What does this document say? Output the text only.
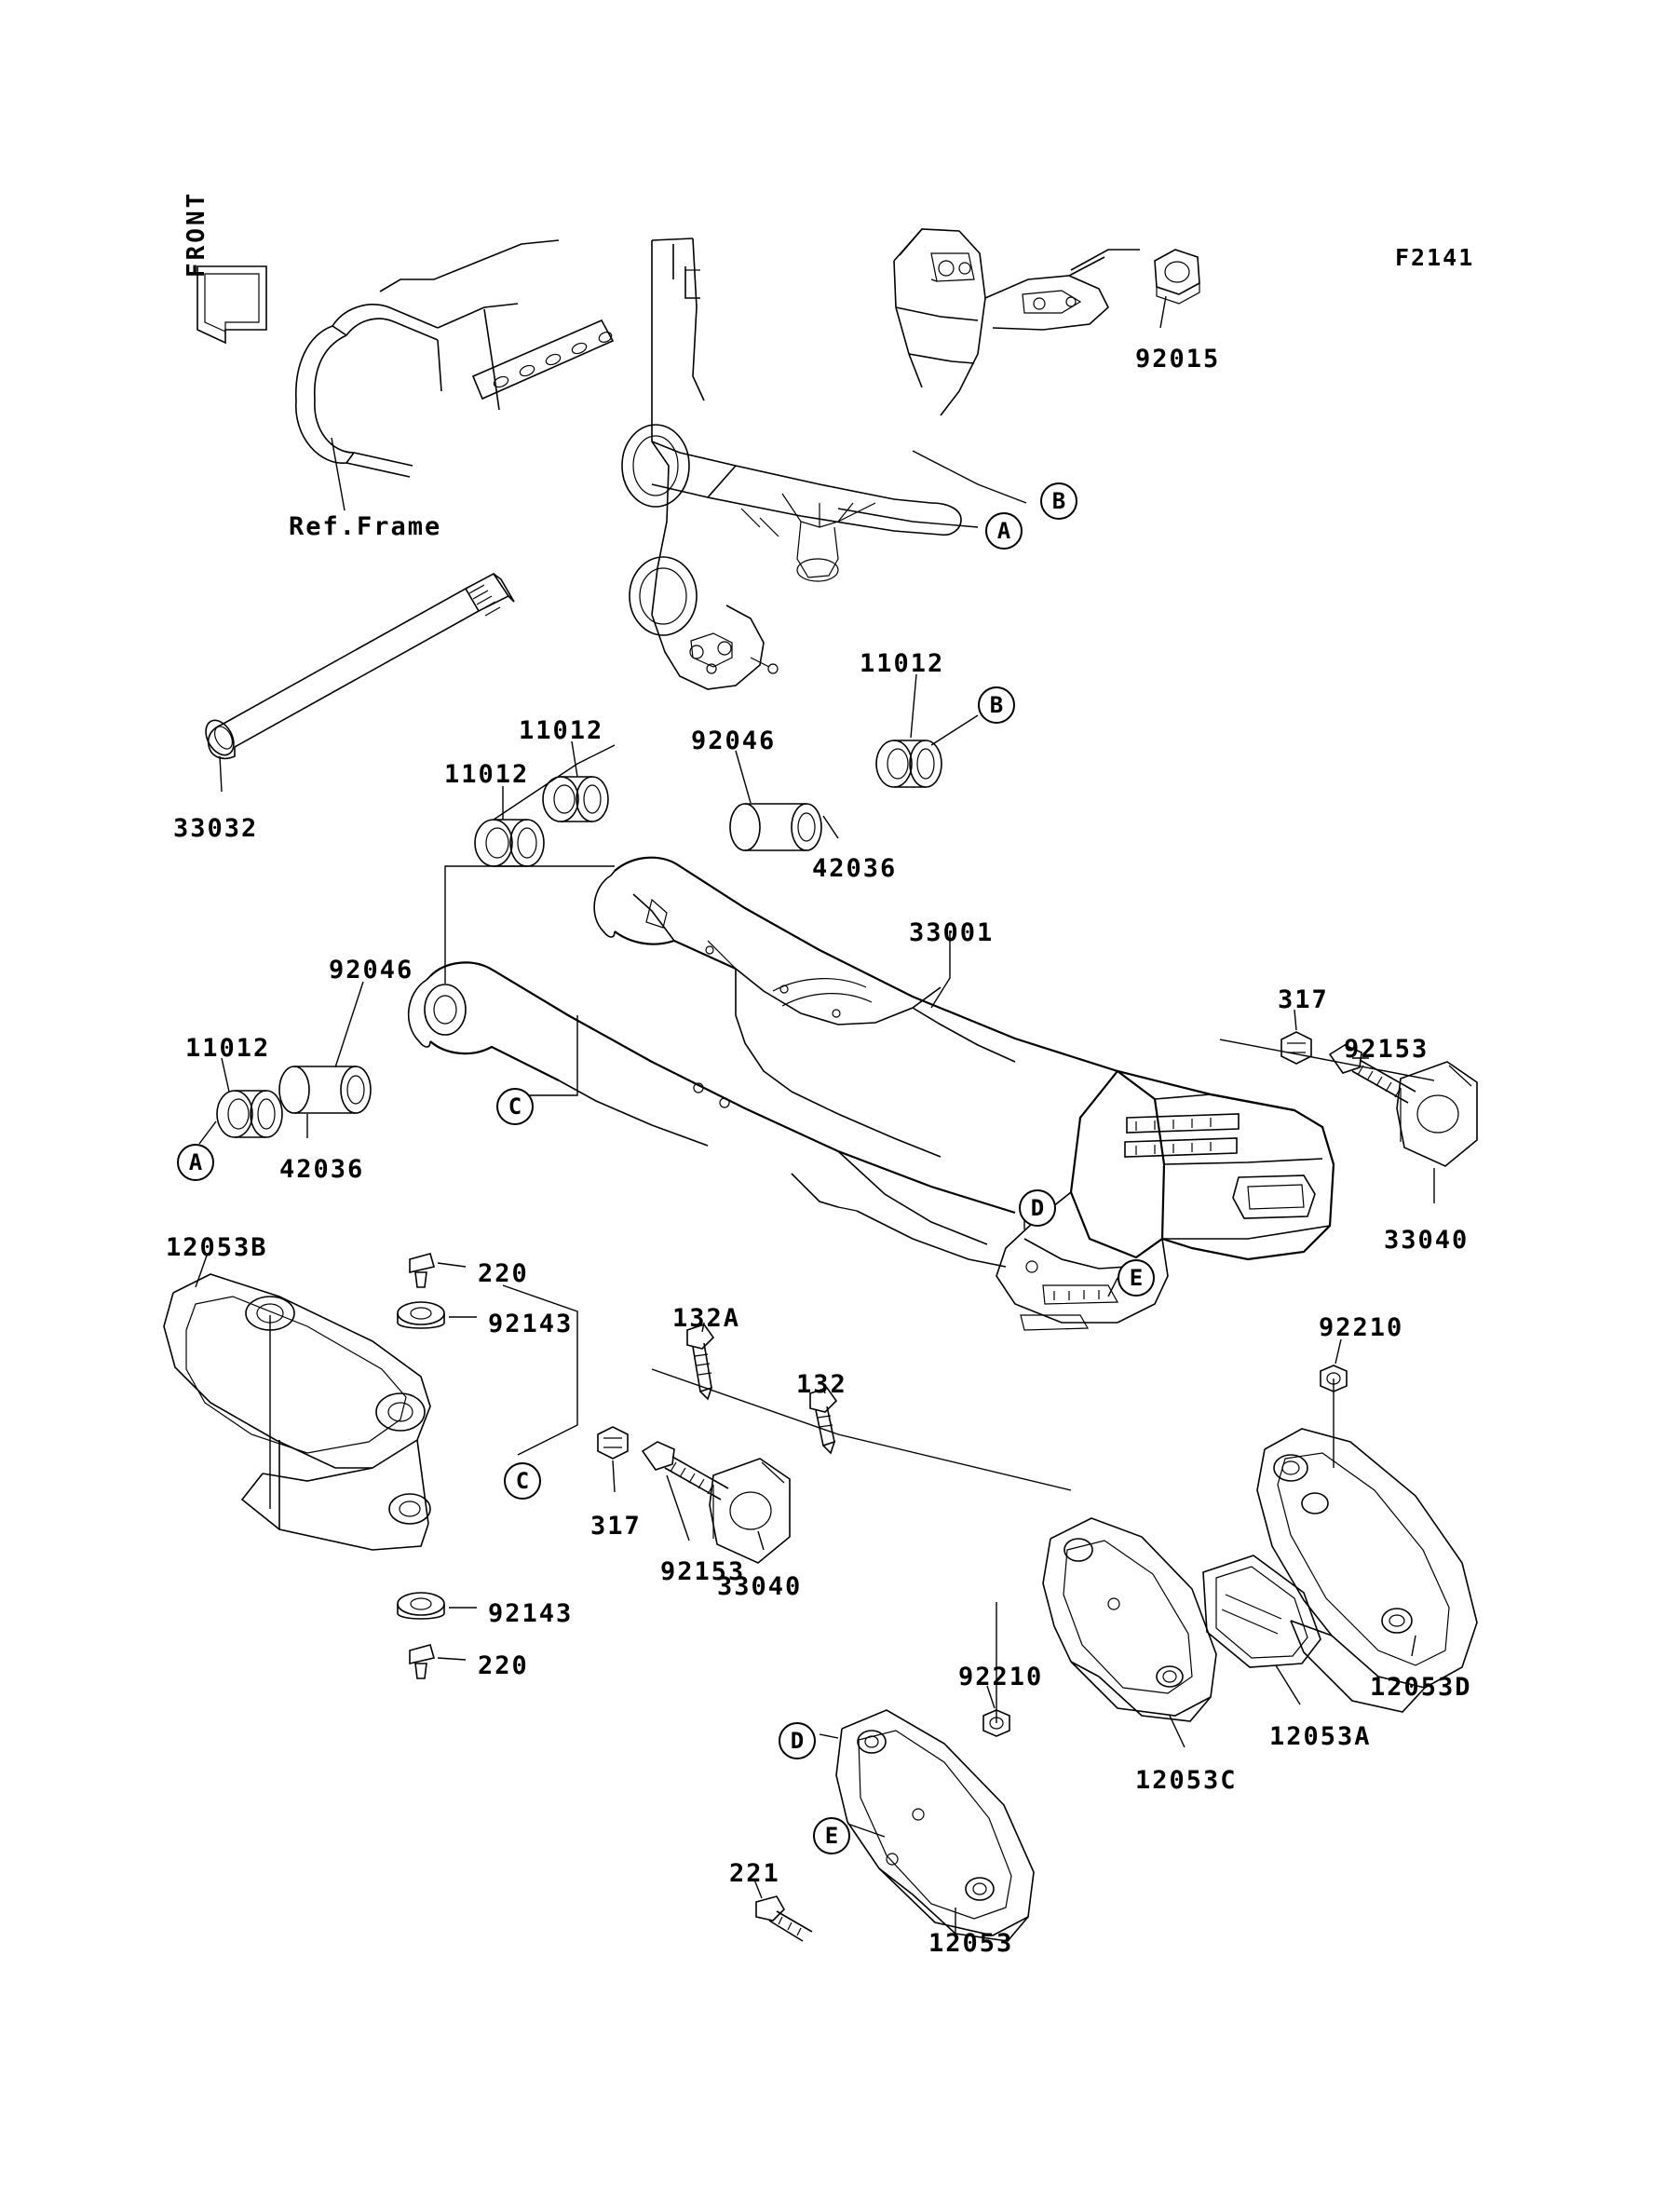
FRONT	F2141
Ref.Frame
92015
11012
92046
11012
11012
33032
42036
33001
317
92153
92046
11012
42036
33040
12053B
220
92143	132A
132
92210
317
92153
33040
92143
220	92210	12053D
12053A
12053C
221
12053
A
B
B
C
A
D
E
C
D
E
